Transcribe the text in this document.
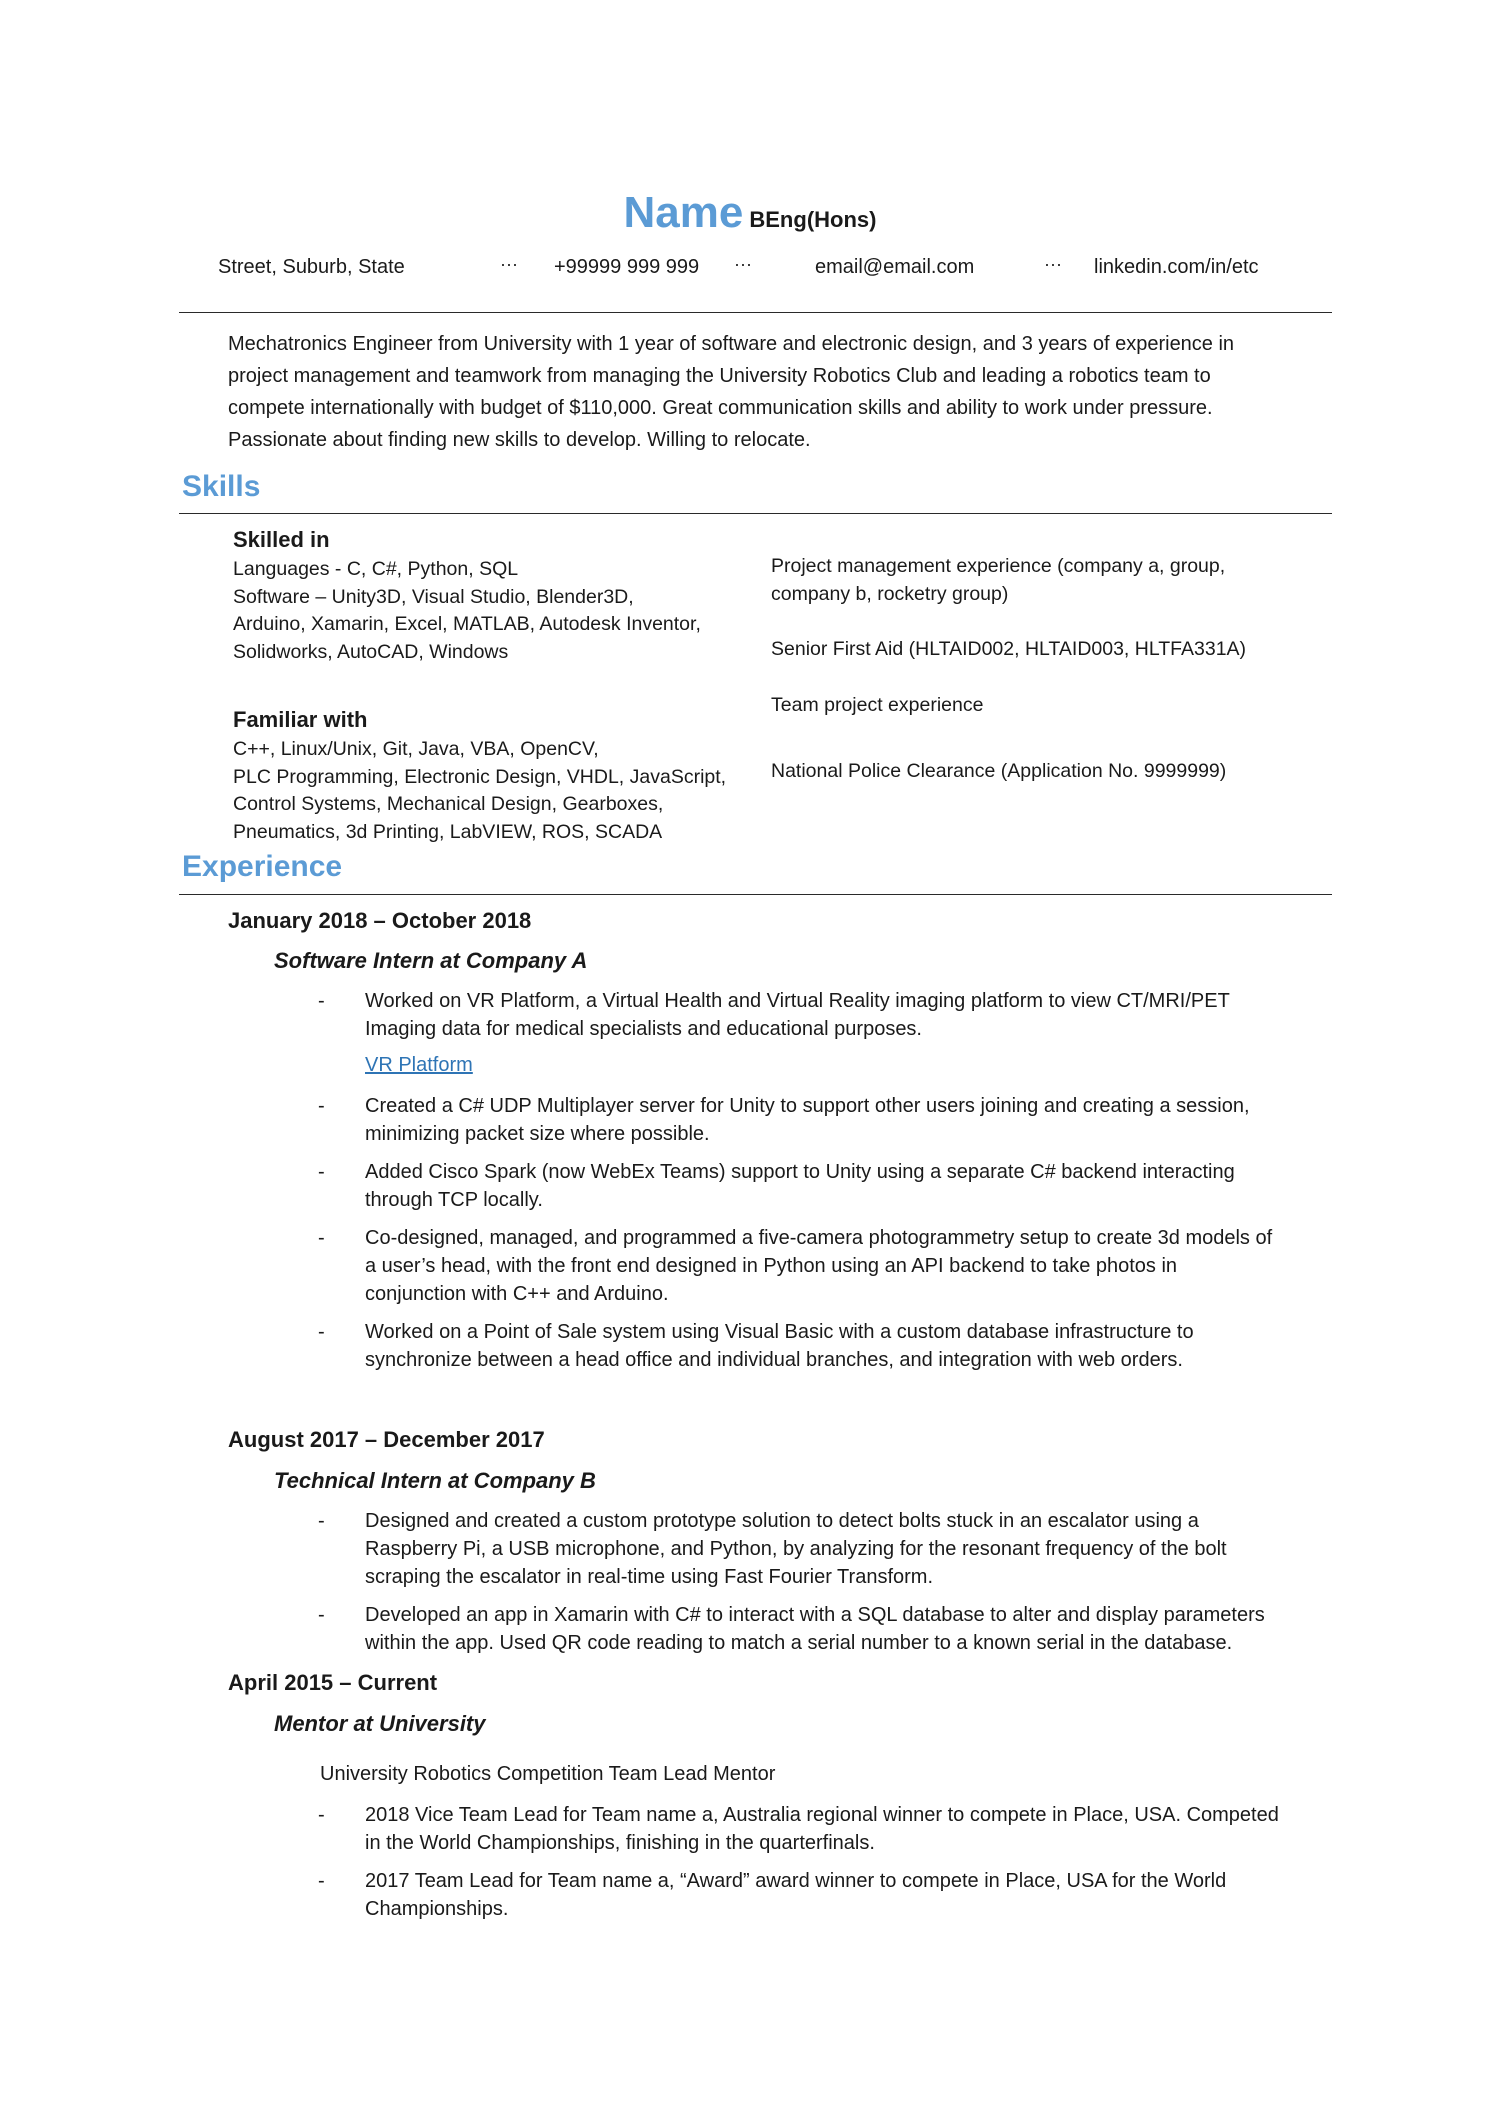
Name BEng(Hons)
Street, Suburb, State	··· +99999 999 999 ···	email@email.com	··· linkedin.com/in/etc
Mechatronics Engineer from University with 1 year of software and electronic design, and 3 years of experience in
project management and teamwork from managing the University Robotics Club and leading a robotics team to
compete internationally with budget of $110,000. Great communication skills and ability to work under pressure.
Passionate about finding new skills to develop. Willing to relocate.
Skills
Skilled in
Languages - C, C#, Python, SQL
Software – Unity3D, Visual Studio, Blender3D,
Arduino, Xamarin, Excel, MATLAB, Autodesk Inventor,
Solidworks, AutoCAD, Windows
Familiar with
C++, Linux/Unix, Git, Java, VBA, OpenCV,
PLC Programming, Electronic Design, VHDL, JavaScript,
Control Systems, Mechanical Design, Gearboxes,
Pneumatics, 3d Printing, LabVIEW, ROS, SCADA
Project management experience (company a, group,
company b, rocketry group)
Senior First Aid (HLTAID002, HLTAID003, HLTFA331A)
Team project experience
National Police Clearance (Application No. 9999999)
Experience
January 2018 – October 2018
Software Intern at Company A
- Worked on VR Platform, a Virtual Health and Virtual Reality imaging platform to view CT/MRI/PET
Imaging data for medical specialists and educational purposes.
VR Platform
- Created a C# UDP Multiplayer server for Unity to support other users joining and creating a session,
minimizing packet size where possible.
- Added Cisco Spark (now WebEx Teams) support to Unity using a separate C# backend interacting
through TCP locally.
- Co-designed, managed, and programmed a five-camera photogrammetry setup to create 3d models of
a user’s head, with the front end designed in Python using an API backend to take photos in
conjunction with C++ and Arduino.
- Worked on a Point of Sale system using Visual Basic with a custom database infrastructure to
synchronize between a head office and individual branches, and integration with web orders.
August 2017 – December 2017
Technical Intern at Company B
- Designed and created a custom prototype solution to detect bolts stuck in an escalator using a
Raspberry Pi, a USB microphone, and Python, by analyzing for the resonant frequency of the bolt
scraping the escalator in real-time using Fast Fourier Transform.
- Developed an app in Xamarin with C# to interact with a SQL database to alter and display parameters
within the app. Used QR code reading to match a serial number to a known serial in the database.
April 2015 – Current
Mentor at University
University Robotics Competition Team Lead Mentor
- 2018 Vice Team Lead for Team name a, Australia regional winner to compete in Place, USA. Competed
in the World Championships, finishing in the quarterfinals.
- 2017 Team Lead for Team name a, “Award” award winner to compete in Place, USA for the World
Championships.
